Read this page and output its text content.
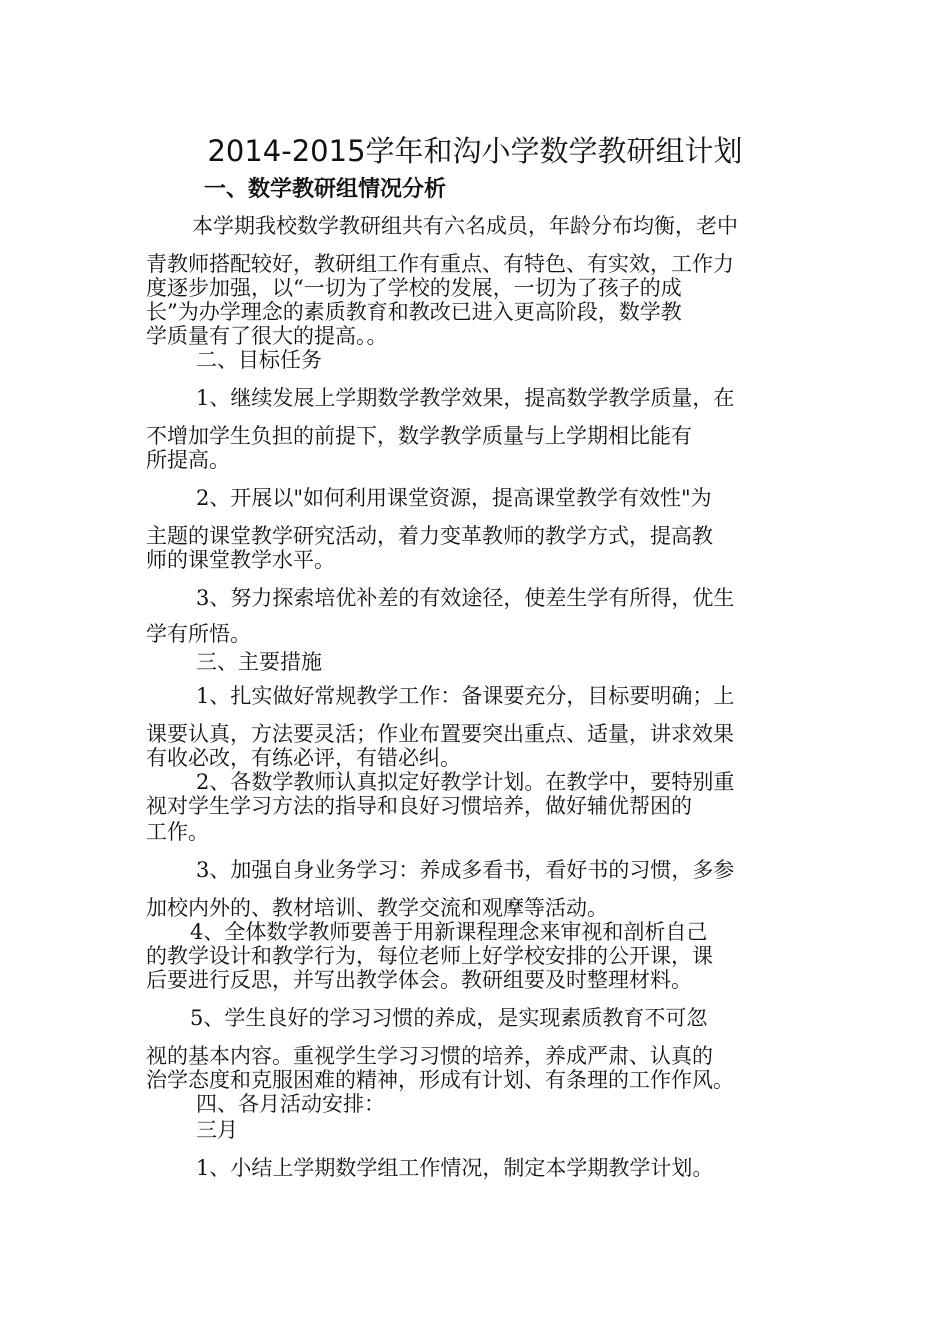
2014-2015学年和沟小学数学教研组计划
一、数学教研组情况分析
本学期我校数学教研组共有六名成员，年龄分布均衡，老中
青教师搭配较好，教研组工作有重点、有特色、有实效，工作力
度逐步加强，以“一切为了学校的发展，一切为了孩子的成
长”为办学理念的素质教育和教改已进入更高阶段，数学教
学质量有了很大的提高。。
二、目标任务
1、继续发展上学期数学教学效果，提高数学教学质量，在
不增加学生负担的前提下，数学教学质量与上学期相比能有
所提高。
2、开展以"如何利用课堂资源，提高课堂教学有效性"为
主题的课堂教学研究活动，着力变革教师的教学方式，提高教
师的课堂教学水平。
3、努力探索培优补差的有效途径，使差生学有所得，优生
学有所悟。
三、主要措施
1、扎实做好常规教学工作：备课要充分，目标要明确；上
课要认真，方法要灵活；作业布置要突出重点、适量，讲求效果
有收必改，有练必评，有错必纠。
2、各数学教师认真拟定好教学计划。在教学中，要特别重
视对学生学习方法的指导和良好习惯培养，做好辅优帮困的
工作。
3、加强自身业务学习：养成多看书，看好书的习惯，多参
加校内外的、教材培训、教学交流和观摩等活动。
4、全体数学教师要善于用新课程理念来审视和剖析自己
的教学设计和教学行为，每位老师上好学校安排的公开课，课
后要进行反思，并写出教学体会。教研组要及时整理材料。
5、学生良好的学习习惯的养成，是实现素质教育不可忽
视的基本内容。重视学生学习习惯的培养，养成严肃、认真的
治学态度和克服困难的精神，形成有计划、有条理的工作作风。
四、各月活动安排：
三月
1、小结上学期数学组工作情况，制定本学期教学计划。
